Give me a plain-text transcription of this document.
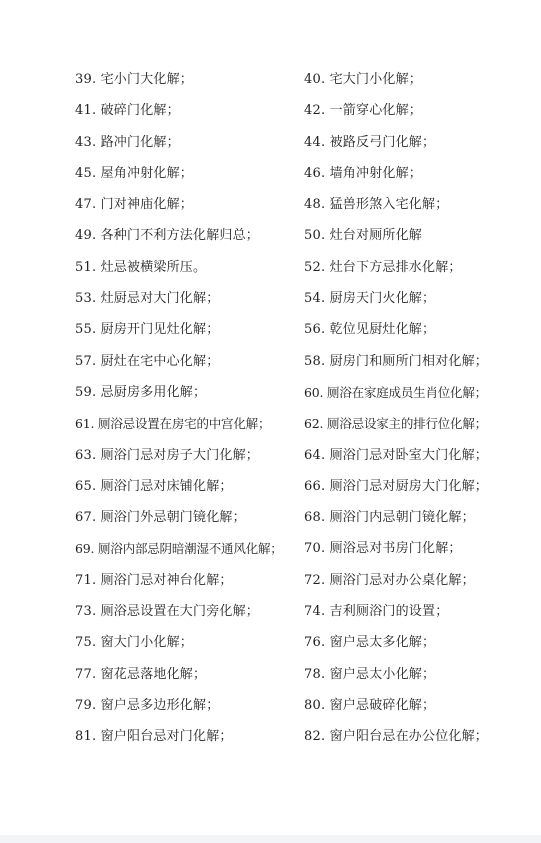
39. 宅小门大化解；	40. 宅大门小化解；
41. 破碎门化解；	42. 一箭穿心化解；
43. 路冲门化解；	44. 被路反弓门化解；
45. 屋角冲射化解；	46. 墙角冲射化解；
47. 门对神庙化解；	48. 猛兽形煞入宅化解；
49. 各种门不利方法化解归总；	50. 灶台对厕所化解
51. 灶忌被横梁所压。	52. 灶台下方忌排水化解；
53. 灶厨忌对大门化解；	54. 厨房天门火化解；
55. 厨房开门见灶化解；	56. 乾位见厨灶化解；
57. 厨灶在宅中心化解；	58. 厨房门和厕所门相对化解；
59. 忌厨房多用化解；	60. 厕浴在家庭成员生肖位化解；
61. 厕浴忌设置在房宅的中宫化解；	62. 厕浴忌设家主的排行位化解；
63. 厕浴门忌对房子大门化解；	64. 厕浴门忌对卧室大门化解；
65. 厕浴门忌对床铺化解；	66. 厕浴门忌对厨房大门化解；
67. 厕浴门外忌朝门镜化解；	68. 厕浴门内忌朝门镜化解；
69. 厕浴内部忌阴暗潮湿不通风化解； 70. 厕浴忌对书房门化解；
71. 厕浴门忌对神台化解；	72. 厕浴门忌对办公桌化解；
73. 厕浴忌设置在大门旁化解；	74. 吉利厕浴门的设置；
75. 窗大门小化解；	76. 窗户忌太多化解；
77. 窗花忌落地化解；	78. 窗户忌太小化解；
79. 窗户忌多边形化解；	80. 窗户忌破碎化解；
81. 窗户阳台忌对门化解；	82. 窗户阳台忌在办公位化解；
